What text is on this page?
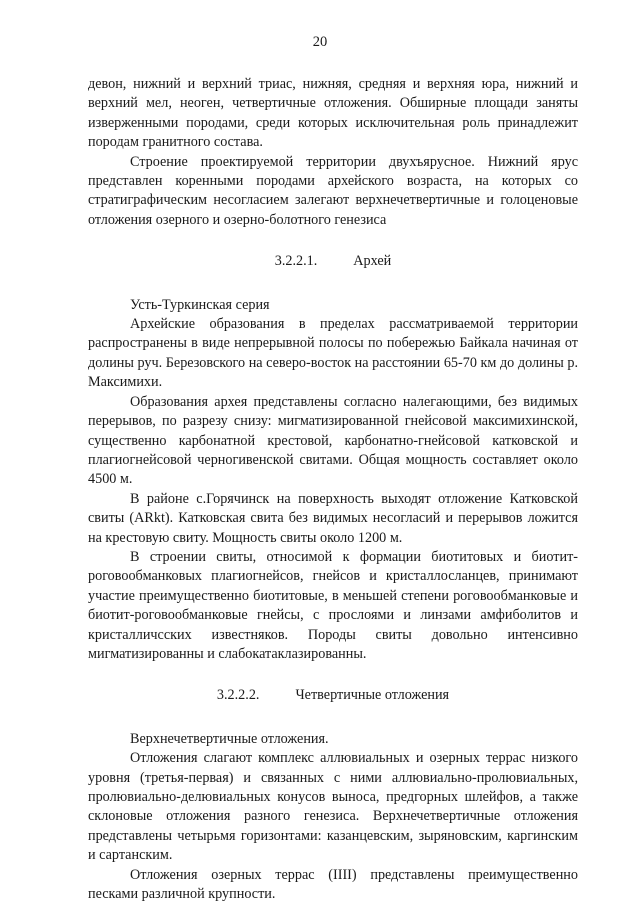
20

девон, нижний и верхний триас, нижняя, средняя и верхняя юра, нижний и верхний мел, неоген, четвертичные отложения. Обширные площади заняты изверженными породами, среди которых исключительная роль принадлежит породам гранитного состава.

Строение проектируемой территории двухъярусное. Нижний ярус представлен коренными породами архейского возраста, на которых со стратиграфическим несогласием залегают верхнечетвертичные и голоценовые отложения озерного и озерно-болотного генезиса

3.2.2.1.	Архей

Усть-Туркинская серия

Архейские образования в пределах рассматриваемой территории распространены в виде непрерывной полосы по побережью Байкала начиная от долины руч. Березовского на северо-восток на расстоянии 65-70 км до долины р. Максимихи.

Образования архея представлены согласно налегающими, без видимых перерывов, по разрезу снизу: мигматизированной гнейсовой максимихинской, существенно карбонатной крестовой, карбонатно-гнейсовой катковской и плагиогнейсовой черногивенской свитами. Общая мощность составляет около 4500 м.

В районе с.Горячинск на поверхность выходят отложение Катковской свиты (ARkt). Катковская свита без видимых несогласий и перерывов ложится на крестовую свиту. Мощность свиты около 1200 м.

В строении свиты, относимой к формации биотитовых и биотит-роговообманковых плагиогнейсов, гнейсов и кристаллосланцев, принимают участие преимущественно биотитовые, в меньшей степени роговообманковые и биотит-роговообманковые гнейсы, с прослоями и линзами амфиболитов и кристалличсских известняков. Породы свиты довольно интенсивно мигматизированны и слабокатаклазированны.

3.2.2.2.	Четвертичные отложения

Верхнечетвертичные отложения.

Отложения слагают комплекс аллювиальных и озерных террас низкого уровня (третья-первая) и связанных с ними аллювиально-пролювиальных, пролювиально-делювиальных конусов выноса, предгорных шлейфов, а также склоновые отложения разного генезиса. Верхнечетвертичные отложения представлены четырьмя горизонтами: казанцевским, зыряновским, каргинским и сартанским.

Отложения озерных террас (IIII) представлены преимущественно песками различной крупности.
